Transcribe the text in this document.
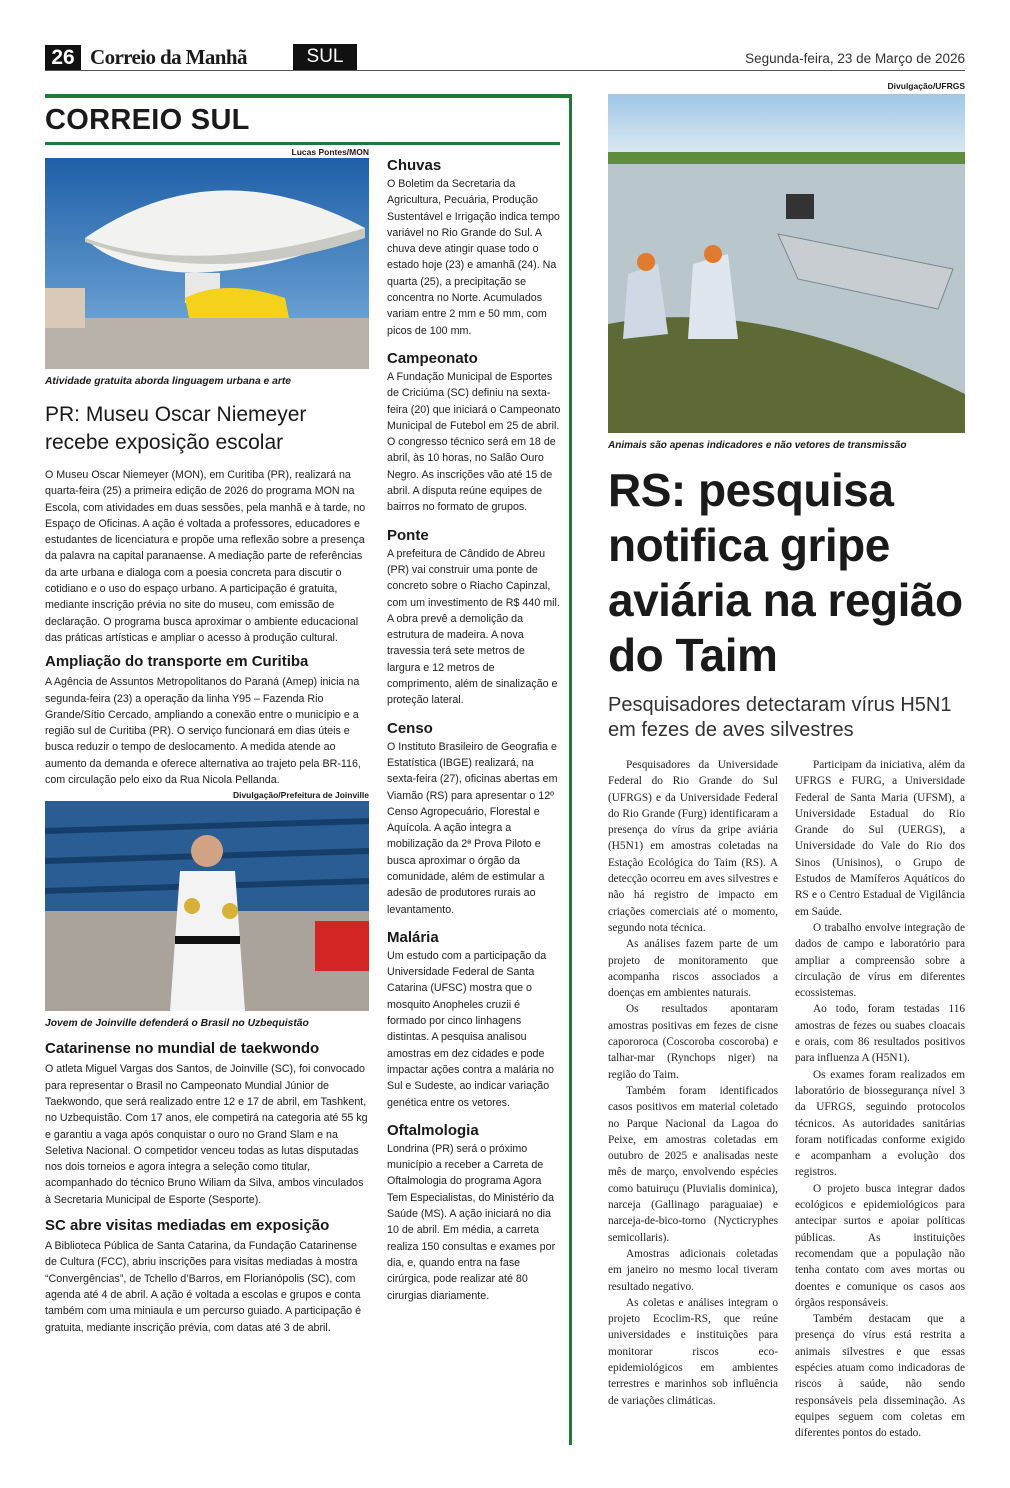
26 Correio da Manhã	SUL	Segunda-feira, 23 de Março de 2026
CORREIO SUL
Lucas Pontes/MON
Atividade gratuita aborda linguagem urbana e arte
PR: Museu Oscar Niemeyer recebe exposição escolar

O Museu Oscar Niemeyer (MON), em Curitiba (PR), realizará na quarta-feira (25) a primeira edição de 2026 do programa MON na Escola, com atividades em duas sessões, pela manhã e à tarde, no Espaço de Oficinas. A ação é voltada a professores, educadores e estudantes de licenciatura e propõe uma reflexão sobre a presença da palavra na capital paranaense. A mediação parte de referências da arte urbana e dialoga com a poesia concreta para discutir o cotidiano e o uso do espaço urbano. A participação é gratuita, mediante inscrição prévia no site do museu, com emissão de declaração. O programa busca aproximar o ambiente educacional das práticas artísticas e ampliar o acesso à produção cultural.

Ampliação do transporte em Curitiba

A Agência de Assuntos Metropolitanos do Paraná (Amep) inicia na segunda-feira (23) a operação da linha Y95 – Fazenda Rio Grande/Sítio Cercado, ampliando a conexão entre o município e a região sul de Curitiba (PR). O serviço funcionará em dias úteis e busca reduzir o tempo de deslocamento. A medida atende ao aumento da demanda e oferece alternativa ao trajeto pela BR-116, com circulação pelo eixo da Rua Nicola Pellanda.

Divulgação/Prefeitura de Joinville
Jovem de Joinville defenderá o Brasil no Uzbequistão
Catarinense no mundial de taekwondo

O atleta Miguel Vargas dos Santos, de Joinville (SC), foi convocado para representar o Brasil no Campeonato Mundial Júnior de Taekwondo, que será realizado entre 12 e 17 de abril, em Tashkent, no Uzbequistão. Com 17 anos, ele competirá na categoria até 55 kg e garantiu a vaga após conquistar o ouro no Grand Slam e na Seletiva Nacional. O competidor venceu todas as lutas disputadas nos dois torneios e agora integra a seleção como titular, acompanhado do técnico Bruno Wiliam da Silva, ambos vinculados à Secretaria Municipal de Esporte (Sesporte).

SC abre visitas mediadas em exposição

A Biblioteca Pública de Santa Catarina, da Fundação Catarinense de Cultura (FCC), abriu inscrições para visitas mediadas à mostra “Convergências”, de Tchello d’Barros, em Florianópolis (SC), com agenda até 4 de abril. A ação é voltada a escolas e grupos e conta também com uma miniaula e um percurso guiado. A participação é gratuita, mediante inscrição prévia, com datas até 3 de abril.

Chuvas

O Boletim da Secretaria da Agricultura, Pecuária, Produção Sustentável e Irrigação indica tempo variável no Rio Grande do Sul. A chuva deve atingir quase todo o estado hoje (23) e amanhã (24). Na quarta (25), a precipitação se concentra no Norte. Acumulados variam entre 2 mm e 50 mm, com picos de 100 mm.

Campeonato

A Fundação Municipal de Esportes de Criciúma (SC) definiu na sexta-feira (20) que iniciará o Campeonato Municipal de Futebol em 25 de abril. O congresso técnico será em 18 de abril, às 10 horas, no Salão Ouro Negro. As inscrições vão até 15 de abril. A disputa reúne equipes de bairros no formato de grupos.

Ponte

A prefeitura de Cândido de Abreu (PR) vai construir uma ponte de concreto sobre o Riacho Capinzal, com um investimento de R$ 440 mil. A obra prevê a demolição da estrutura de madeira. A nova travessia terá sete metros de largura e 12 metros de comprimento, além de sinalização e proteção lateral.

Censo

O Instituto Brasileiro de Geografia e Estatística (IBGE) realizará, na sexta-feira (27), oficinas abertas em Viamão (RS) para apresentar o 12º Censo Agropecuário, Florestal e Aquícola. A ação integra a mobilização da 2ª Prova Piloto e busca aproximar o órgão da comunidade, além de estimular a adesão de produtores rurais ao levantamento.

Malária

Um estudo com a participação da Universidade Federal de Santa Catarina (UFSC) mostra que o mosquito Anopheles cruzii é formado por cinco linhagens distintas. A pesquisa analisou amostras em dez cidades e pode impactar ações contra a malária no Sul e Sudeste, ao indicar variação genética entre os vetores.

Oftalmologia

Londrina (PR) será o próximo município a receber a Carreta de Oftalmologia do programa Agora Tem Especialistas, do Ministério da Saúde (MS). A ação iniciará no dia 10 de abril. Em média, a carreta realiza 150 consultas e exames por dia, e, quando entra na fase cirúrgica, pode realizar até 80 cirurgias diariamente.

Divulgação/UFRGS
Animais são apenas indicadores e não vetores de transmissão
RS: pesquisa notifica gripe aviária na região do Taim
Pesquisadores detectaram vírus H5N1 em fezes de aves silvestres

Pesquisadores da Universidade Federal do Rio Grande do Sul (UFRGS) e da Universidade Federal do Rio Grande (Furg) identificaram a presença do vírus da gripe aviária (H5N1) em amostras coletadas na Estação Ecológica do Taim (RS). A detecção ocorreu em aves silvestres e não há registro de impacto em criações comerciais até o momento, segundo nota técnica.

As análises fazem parte de um projeto de monitoramento que acompanha riscos associados a doenças em ambientes naturais.

Os resultados apontaram amostras positivas em fezes de cisne capororoca (Coscoroba coscoroba) e talhar-mar (Rynchops niger) na região do Taim.

Também foram identificados casos positivos em material coletado no Parque Nacional da Lagoa do Peixe, em amostras coletadas em outubro de 2025 e analisadas neste mês de março, envolvendo espécies como batuiruçu (Pluvialis dominica), narceja (Gallinago paraguaiae) e narceja-de-bico-torno (Nycticryphes semicollaris).

Amostras adicionais coletadas em janeiro no mesmo local tiveram resultado negativo.

As coletas e análises integram o projeto Ecoclim-RS, que reúne universidades e instituições para monitorar riscos eco-epidemiológicos em ambientes terrestres e marinhos sob influência de variações climáticas.

Participam da iniciativa, além da UFRGS e FURG, a Universidade Federal de Santa Maria (UFSM), a Universidade Estadual do Rio Grande do Sul (UERGS), a Universidade do Vale do Rio dos Sinos (Unisinos), o Grupo de Estudos de Mamíferos Aquáticos do RS e o Centro Estadual de Vigilância em Saúde.

O trabalho envolve integração de dados de campo e laboratório para ampliar a compreensão sobre a circulação de vírus em diferentes ecossistemas.

Ao todo, foram testadas 116 amostras de fezes ou suabes cloacais e orais, com 86 resultados positivos para influenza A (H5N1).

Os exames foram realizados em laboratório de biossegurança nível 3 da UFRGS, seguindo protocolos técnicos. As autoridades sanitárias foram notificadas conforme exigido e acompanham a evolução dos registros.

O projeto busca integrar dados ecológicos e epidemiológicos para antecipar surtos e apoiar políticas públicas. As instituições recomendam que a população não tenha contato com aves mortas ou doentes e comunique os casos aos órgãos responsáveis.

Também destacam que a presença do vírus está restrita a animais silvestres e que essas espécies atuam como indicadoras de riscos à saúde, não sendo responsáveis pela disseminação. As equipes seguem com coletas em diferentes pontos do estado.
